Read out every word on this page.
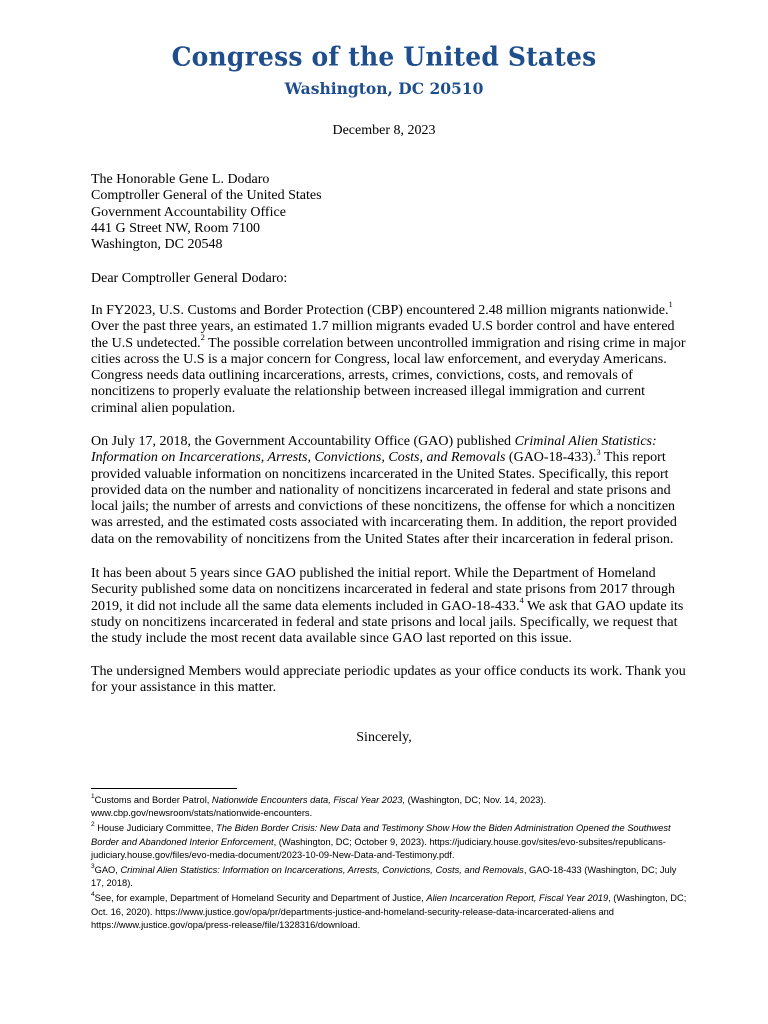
Congress of the United States
Washington, DC 20510
December 8, 2023
The Honorable Gene L. Dodaro
Comptroller General of the United States
Government Accountability Office
441 G Street NW, Room 7100
Washington, DC 20548
Dear Comptroller General Dodaro:

In FY2023, U.S. Customs and Border Protection (CBP) encountered 2.48 million migrants nationwide.$^1$ Over the past three years, an estimated 1.7 million migrants evaded U.S border control and have entered the U.S undetected.$^2$ The possible correlation between uncontrolled immigration and rising crime in major cities across the U.S is a major concern for Congress, local law enforcement, and everyday Americans. Congress needs data outlining incarcerations, arrests, crimes, convictions, costs, and removals of noncitizens to properly evaluate the relationship between increased illegal immigration and current criminal alien population.

On July 17, 2018, the Government Accountability Office (GAO) published Criminal Alien Statistics: Information on Incarcerations, Arrests, Convictions, Costs, and Removals (GAO-18-433).$^3$ This report provided valuable information on noncitizens incarcerated in the United States. Specifically, this report provided data on the number and nationality of noncitizens incarcerated in federal and state prisons and local jails; the number of arrests and convictions of these noncitizens, the offense for which a noncitizen was arrested, and the estimated costs associated with incarcerating them. In addition, the report provided data on the removability of noncitizens from the United States after their incarceration in federal prison.

It has been about 5 years since GAO published the initial report. While the Department of Homeland Security published some data on noncitizens incarcerated in federal and state prisons from 2017 through 2019, it did not include all the same data elements included in GAO-18-433.$^4$ We ask that GAO update its study on noncitizens incarcerated in federal and state prisons and local jails. Specifically, we request that the study include the most recent data available since GAO last reported on this issue.

The undersigned Members would appreciate periodic updates as your office conducts its work. Thank you for your assistance in this matter.
Sincerely,
$^1$Customs and Border Patrol, Nationwide Encounters data, Fiscal Year 2023, (Washington, DC; Nov. 14, 2023). www.cbp.gov/newsroom/stats/nationwide-encounters.
$^2$ House Judiciary Committee, The Biden Border Crisis: New Data and Testimony Show How the Biden Administration Opened the Southwest Border and Abandoned Interior Enforcement, (Washington, DC; October 9, 2023). https://judiciary.house.gov/sites/evo-subsites/republicans-judiciary.house.gov/files/evo-media-document/2023-10-09-New-Data-and-Testimony.pdf.
$^3$GAO, Criminal Alien Statistics: Information on Incarcerations, Arrests, Convictions, Costs, and Removals, GAO-18-433 (Washington, DC; July 17, 2018).
$^4$See, for example, Department of Homeland Security and Department of Justice, Alien Incarceration Report, Fiscal Year 2019, (Washington, DC; Oct. 16, 2020). https://www.justice.gov/opa/pr/departments-justice-and-homeland-security-release-data-incarcerated-aliens and https://www.justice.gov/opa/press-release/file/1328316/download.
